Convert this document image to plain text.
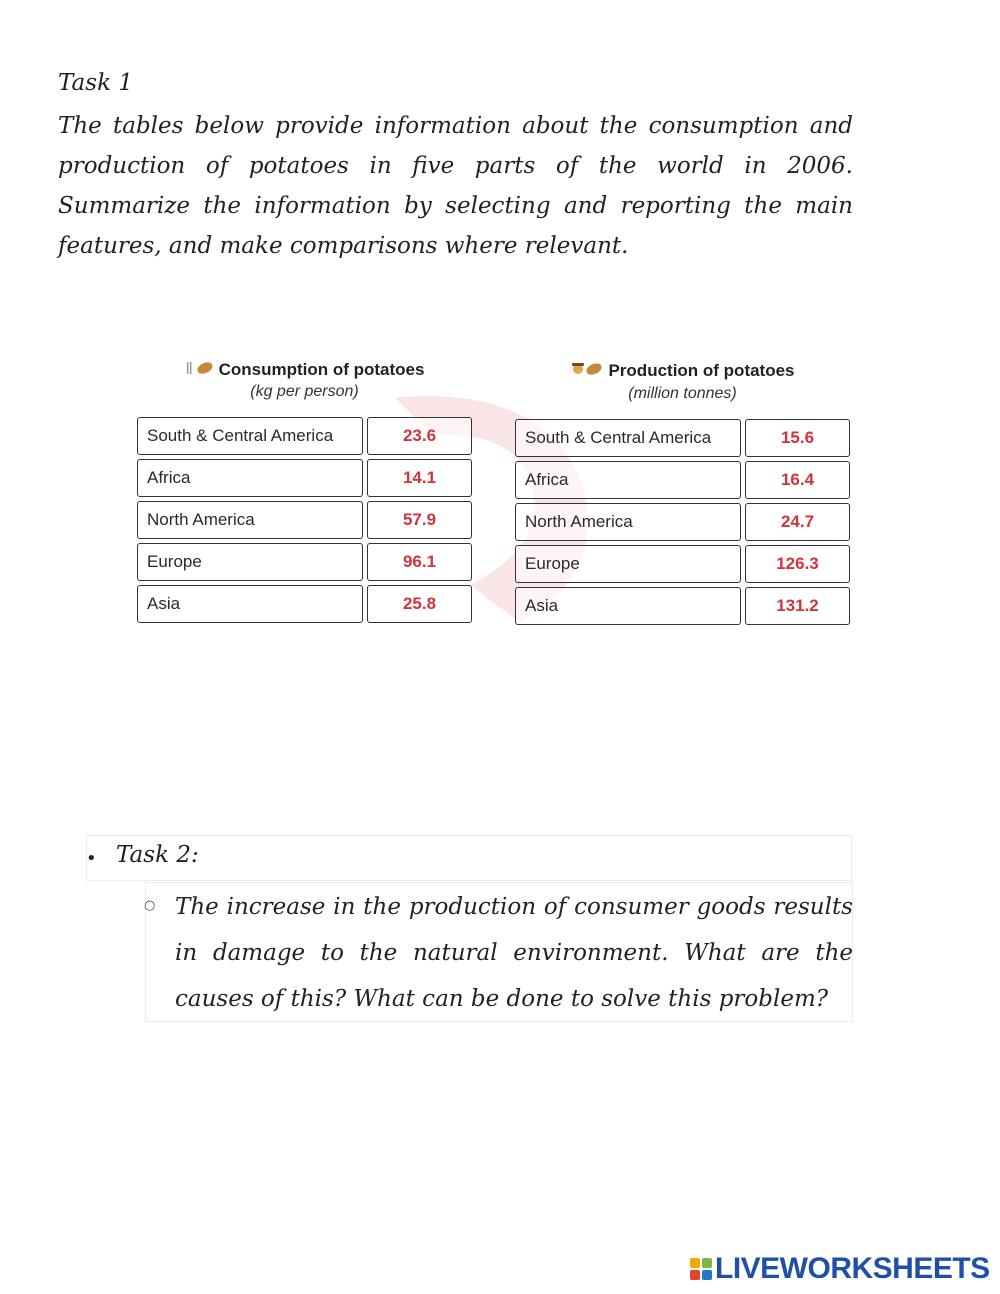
Task 1
The tables below provide information about the consumption and production of potatoes in five parts of the world in 2006. Summarize the information by selecting and reporting the main features, and make comparisons where relevant.
Consumption of potatoes
(kg per person)
South & Central America	23.6
Africa	14.1
North America	57.9
Europe	96.1
Asia	25.8
Production of potatoes
(million tonnes)
South & Central America	15.6
Africa	16.4
North America	24.7
Europe	126.3
Asia	131.2
• Task 2:
○ The increase in the production of consumer goods results in damage to the natural environment. What are the causes of this? What can be done to solve this problem?
LIVEWORKSHEETS
